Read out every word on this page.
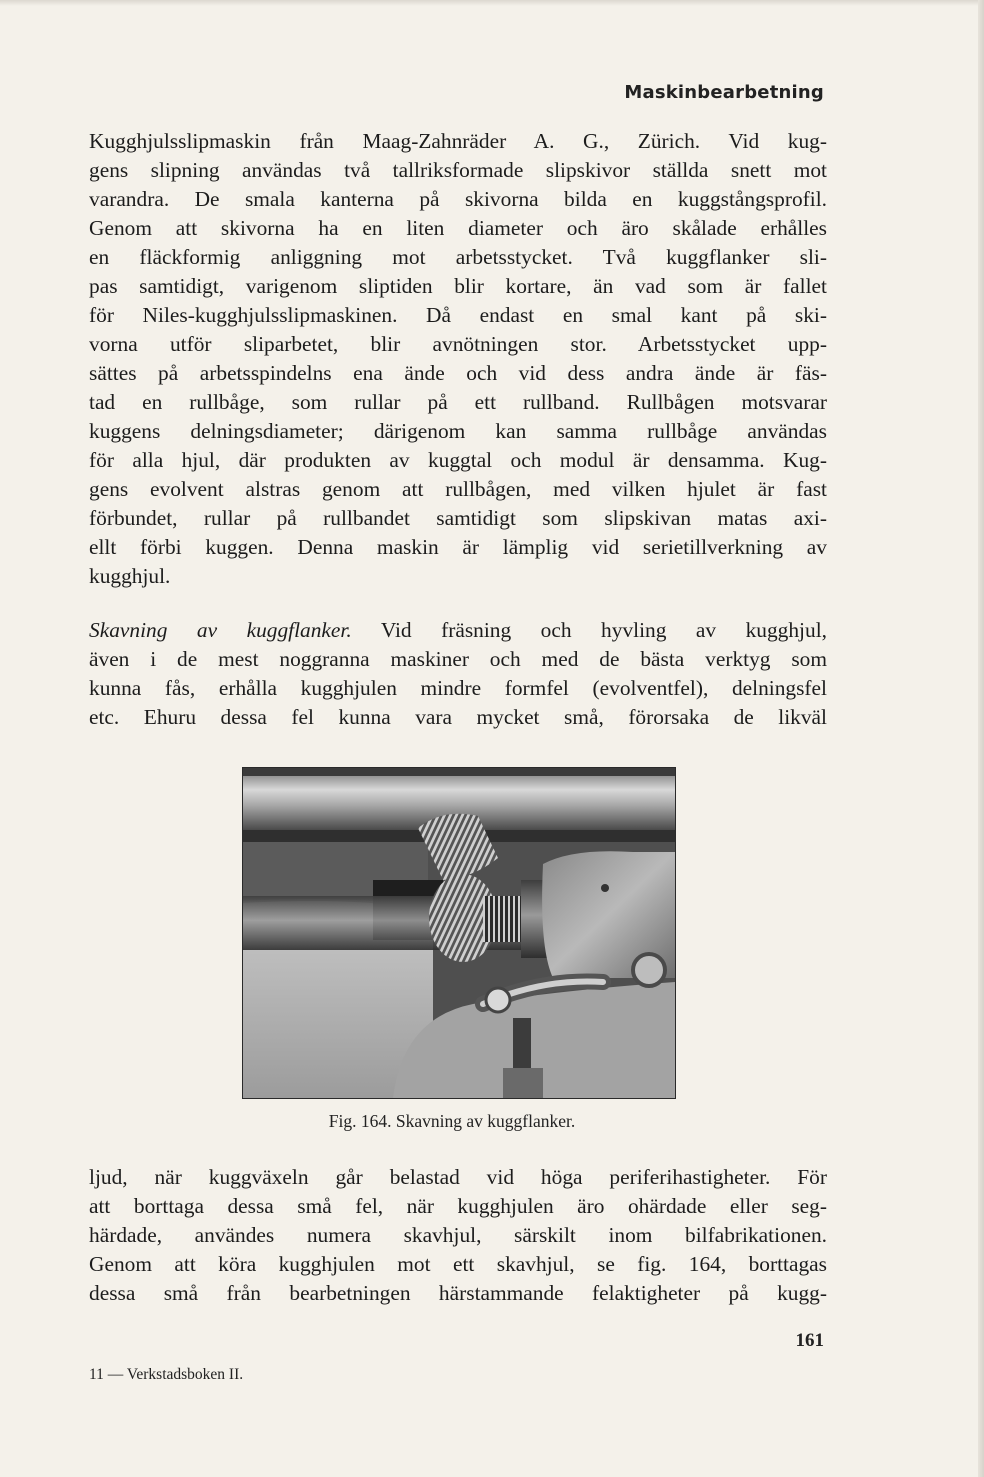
Maskinbearbetning
Kugghjulsslipmaskin från Maag-Zahnräder A. G., Zürich. Vid kug-
gens slipning användas två tallriksformade slipskivor ställda snett mot
varandra. De smala kanterna på skivorna bilda en kuggstångsprofil.
Genom att skivorna ha en liten diameter och äro skålade erhålles
en fläckformig anliggning mot arbetsstycket. Två kuggflanker sli-
pas samtidigt, varigenom sliptiden blir kortare, än vad som är fallet
för Niles-kugghjulsslipmaskinen. Då endast en smal kant på ski-
vorna utför sliparbetet, blir avnötningen stor. Arbetsstycket upp-
sättes på arbetsspindelns ena ände och vid dess andra ände är fäs-
tad en rullbåge, som rullar på ett rullband. Rullbågen motsvarar
kuggens delningsdiameter; därigenom kan samma rullbåge användas
för alla hjul, där produkten av kuggtal och modul är densamma. Kug-
gens evolvent alstras genom att rullbågen, med vilken hjulet är fast
förbundet, rullar på rullbandet samtidigt som slipskivan matas axi-
ellt förbi kuggen. Denna maskin är lämplig vid serietillverkning av
kugghjul.
Skavning av kuggflanker. Vid fräsning och hyvling av kugghjul,
även i de mest noggranna maskiner och med de bästa verktyg som
kunna fås, erhålla kugghjulen mindre formfel (evolventfel), delningsfel
etc. Ehuru dessa fel kunna vara mycket små, förorsaka de likväl
Fig. 164. Skavning av kuggflanker.
ljud, när kuggväxeln går belastad vid höga periferihastigheter. För
att borttaga dessa små fel, när kugghjulen äro ohärdade eller seg-
härdade, användes numera skavhjul, särskilt inom bilfabrikationen.
Genom att köra kugghjulen mot ett skavhjul, se fig. 164, borttagas
dessa små från bearbetningen härstammande felaktigheter på kugg-
161
11 — Verkstadsboken II.
